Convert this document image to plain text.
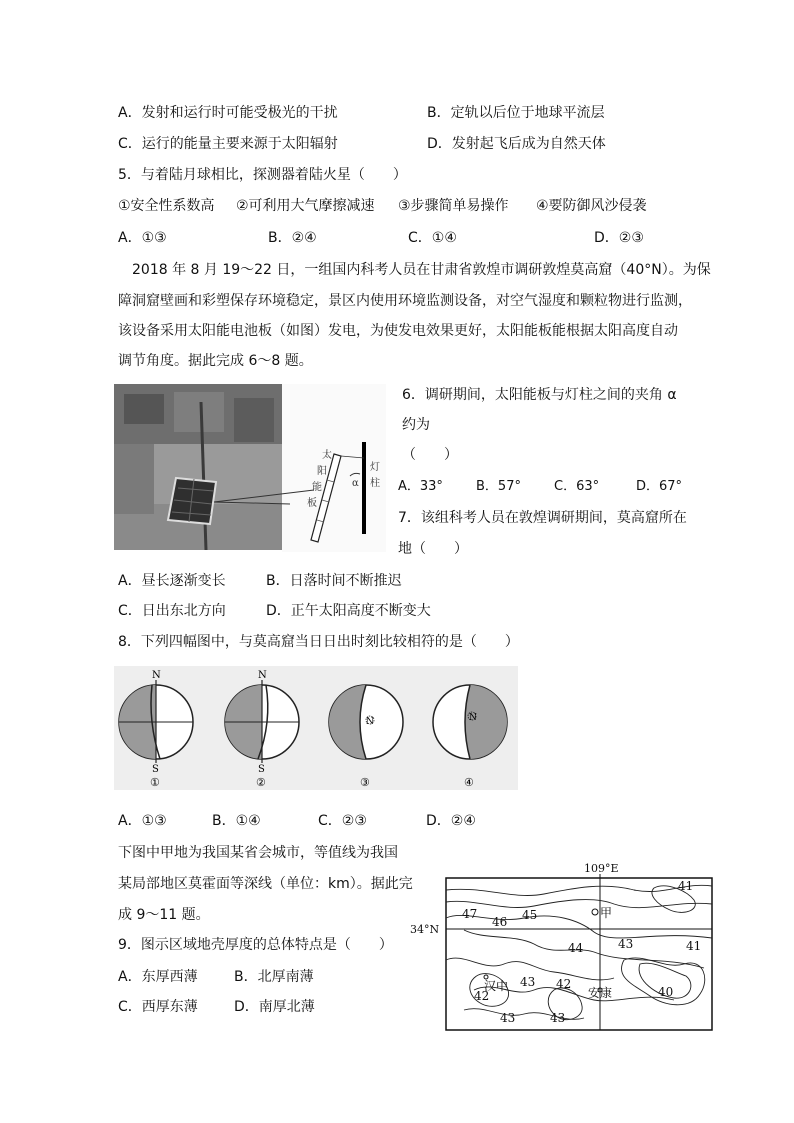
A．发射和运行时可能受极光的干扰	B．定轨以后位于地球平流层
C．运行的能量主要来源于太阳辐射	D．发射起飞后成为自然天体
5．与着陆月球相比，探测器着陆火星（　　）
①安全性系数高 ②可利用大气摩擦减速 ③步骤简单易操作 ④要防御风沙侵袭
A．①③	B．②④	C．①④	D．②③
2018 年 8 月 19～22 日，一组国内科考人员在甘肃省敦煌市调研敦煌莫高窟（40°N）。为保
障洞窟壁画和彩塑保存环境稳定，景区内使用环境监测设备，对空气湿度和颗粒物进行监测，
该设备采用太阳能电池板（如图）发电，为使发电效果更好，太阳能板能根据太阳高度自动
调节角度。据此完成 6～8 题。
太
阳
能
板
灯
柱
α
6．调研期间，太阳能板与灯柱之间的夹角 α
约为
（　　）
A．33°	B．57°	C．63°	D．67°
7．该组科考人员在敦煌调研期间，莫高窟所在
地（　　）
A．昼长逐渐变长	B．日落时间不断推迟
C．日出东北方向	D．正午太阳高度不断变大
8．下列四幅图中，与莫高窟当日日出时刻比较相符的是（　　）
N
S
①
N
S
②
N
③
N
④
A．①③	B．①④	C．②③	D．②④
下图中甲地为我国某省会城市，等值线为我国
某局部地区莫霍面等深线（单位：km）。据此完
成 9～11 题。
9．图示区域地壳厚度的总体特点是（　　）
A．东厚西薄	B．北厚南薄
C．西厚东薄	D．南厚北薄
109°E
34°N
甲
汉中	安康
41
47
46 45
44	43	41
42
43 42
40
43	43
